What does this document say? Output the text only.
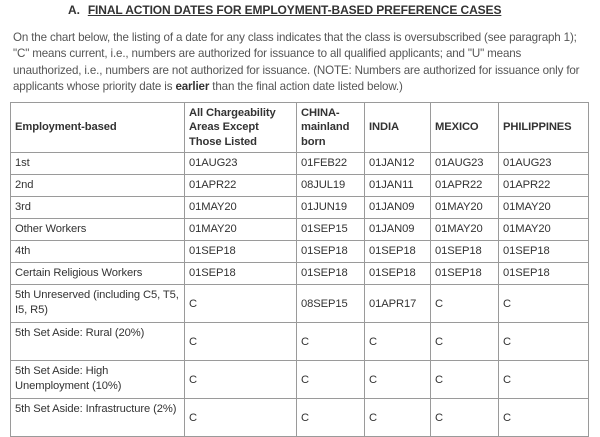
A. FINAL ACTION DATES FOR EMPLOYMENT-BASED PREFERENCE CASES

On the chart below, the listing of a date for any class indicates that the class is oversubscribed (see paragraph 1); "C" means current, i.e., numbers are authorized for issuance to all qualified applicants; and "U" means unauthorized, i.e., numbers are not authorized for issuance. (NOTE: Numbers are authorized for issuance only for applicants whose priority date is earlier than the final action date listed below.)

Employment-based	All Chargeability Areas Except Those Listed	CHINA-mainland born	INDIA	MEXICO	PHILIPPINES
1st	01AUG23	01FEB22	01JAN12	01AUG23	01AUG23
2nd	01APR22	08JUL19	01JAN11	01APR22	01APR22
3rd	01MAY20	01JUN19	01JAN09	01MAY20	01MAY20
Other Workers	01MAY20	01SEP15	01JAN09	01MAY20	01MAY20
4th	01SEP18	01SEP18	01SEP18	01SEP18	01SEP18
Certain Religious Workers	01SEP18	01SEP18	01SEP18	01SEP18	01SEP18
5th Unreserved (including C5, T5, I5, R5)	C	08SEP15	01APR17	C	C
5th Set Aside: Rural (20%)	C	C	C	C	C
5th Set Aside: High Unemployment (10%)	C	C	C	C	C
5th Set Aside: Infrastructure (2%)	C	C	C	C	C
